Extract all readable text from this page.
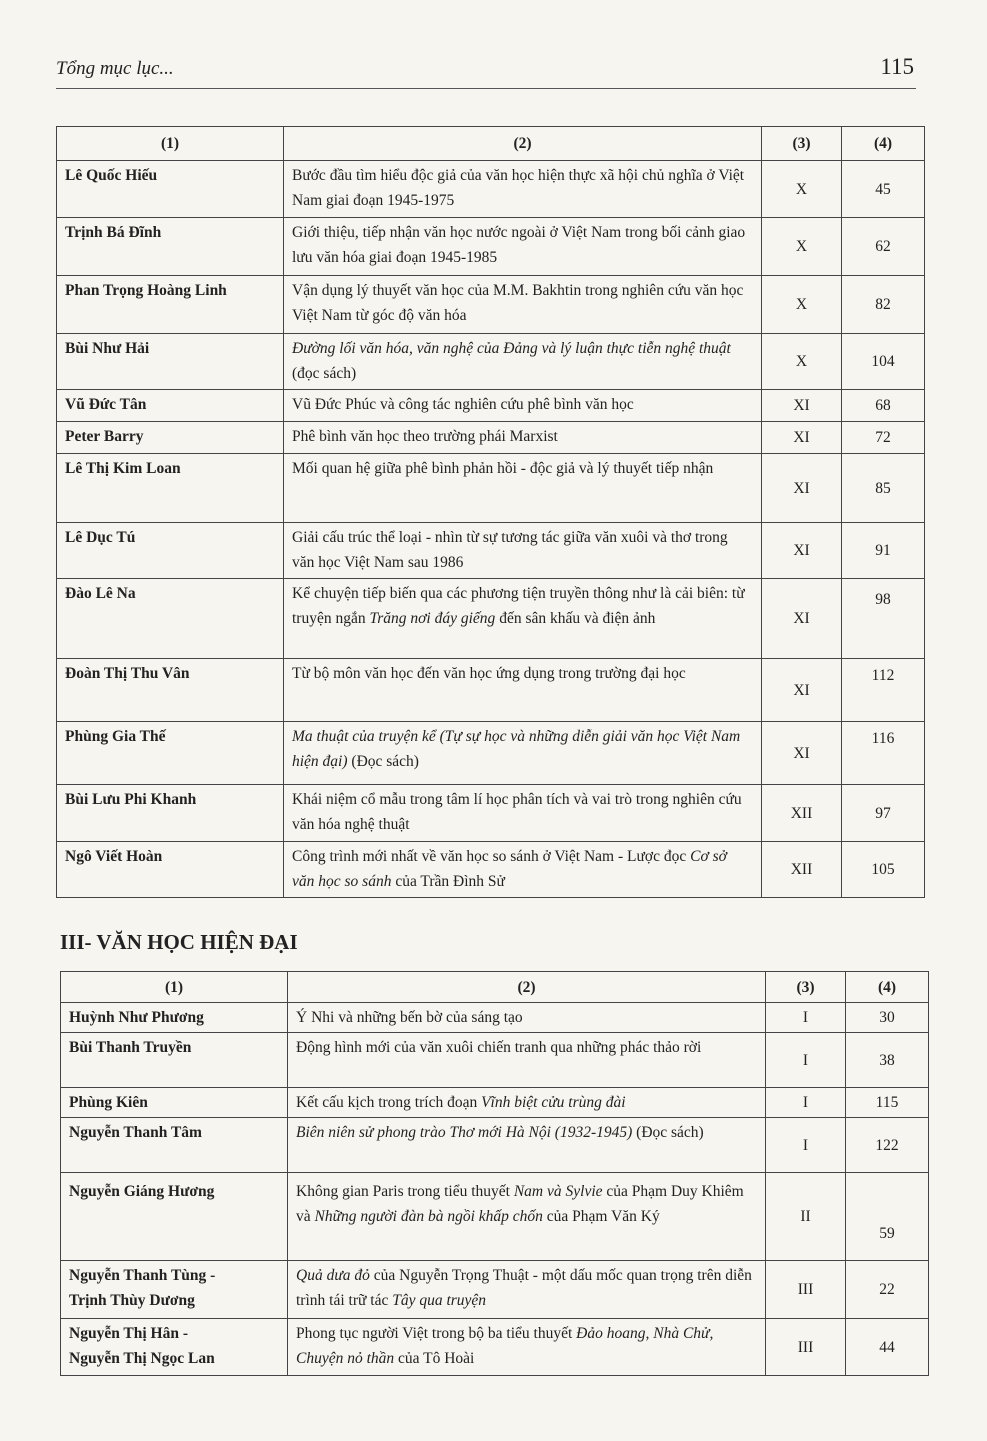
Tổng mục lục...	115
(1)	(2)	(3)	(4)
Lê Quốc Hiếu	Bước đầu tìm hiểu độc giả của văn học hiện thực xã hội chủ nghĩa ở Việt Nam giai đoạn 1945-1975	X	45
Trịnh Bá Đĩnh	Giới thiệu, tiếp nhận văn học nước ngoài ở Việt Nam trong bối cảnh giao lưu văn hóa giai đoạn 1945-1985	X	62
Phan Trọng Hoàng Linh	Vận dụng lý thuyết văn học của M.M. Bakhtin trong nghiên cứu văn học Việt Nam từ góc độ văn hóa	X	82
Bùi Như Hải	Đường lối văn hóa, văn nghệ của Đảng và lý luận thực tiễn nghệ thuật (đọc sách)	X	104
Vũ Đức Tân	Vũ Đức Phúc và công tác nghiên cứu phê bình văn học	XI	68
Peter Barry	Phê bình văn học theo trường phái Marxist	XI	72
Lê Thị Kim Loan	Mối quan hệ giữa phê bình phản hồi - độc giả và lý thuyết tiếp nhận	XI	85
Lê Dục Tú	Giải cấu trúc thể loại - nhìn từ sự tương tác giữa văn xuôi và thơ trong văn học Việt Nam sau 1986	XI	91
Đào Lê Na	Kể chuyện tiếp biến qua các phương tiện truyền thông như là cải biên: từ truyện ngắn Trăng nơi đáy giếng đến sân khấu và điện ảnh	XI	98
Đoàn Thị Thu Vân	Từ bộ môn văn học đến văn học ứng dụng trong trường đại học	XI	112
Phùng Gia Thế	Ma thuật của truyện kể (Tự sự học và những diễn giải văn học Việt Nam hiện đại) (Đọc sách)	XI	116
Bùi Lưu Phi Khanh	Khái niệm cổ mẫu trong tâm lí học phân tích và vai trò trong nghiên cứu văn hóa nghệ thuật	XII	97
Ngô Viết Hoàn	Công trình mới nhất về văn học so sánh ở Việt Nam - Lược đọc Cơ sở văn học so sánh của Trần Đình Sử	XII	105
III- VĂN HỌC HIỆN ĐẠI
(1)	(2)	(3)	(4)
Huỳnh Như Phương	Ý Nhi và những bến bờ của sáng tạo	I	30
Bùi Thanh Truyền	Động hình mới của văn xuôi chiến tranh qua những phác thảo rời	I	38
Phùng Kiên	Kết cấu kịch trong trích đoạn Vĩnh biệt cửu trùng đài	I	115
Nguyễn Thanh Tâm	Biên niên sử phong trào Thơ mới Hà Nội (1932-1945) (Đọc sách)	I	122
Nguyễn Giáng Hương	Không gian Paris trong tiểu thuyết Nam và Sylvie của Phạm Duy Khiêm và Những người đàn bà ngồi khấp chốn của Phạm Văn Ký	II	59
Nguyễn Thanh Tùng -
Trịnh Thùy Dương	Quả dưa đỏ của Nguyễn Trọng Thuật - một dấu mốc quan trọng trên diễn trình tái trữ tác Tây qua truyện	III	22
Nguyễn Thị Hân -
Nguyễn Thị Ngọc Lan	Phong tục người Việt trong bộ ba tiểu thuyết Đảo hoang, Nhà Chử, Chuyện nỏ thần của Tô Hoài	III	44
